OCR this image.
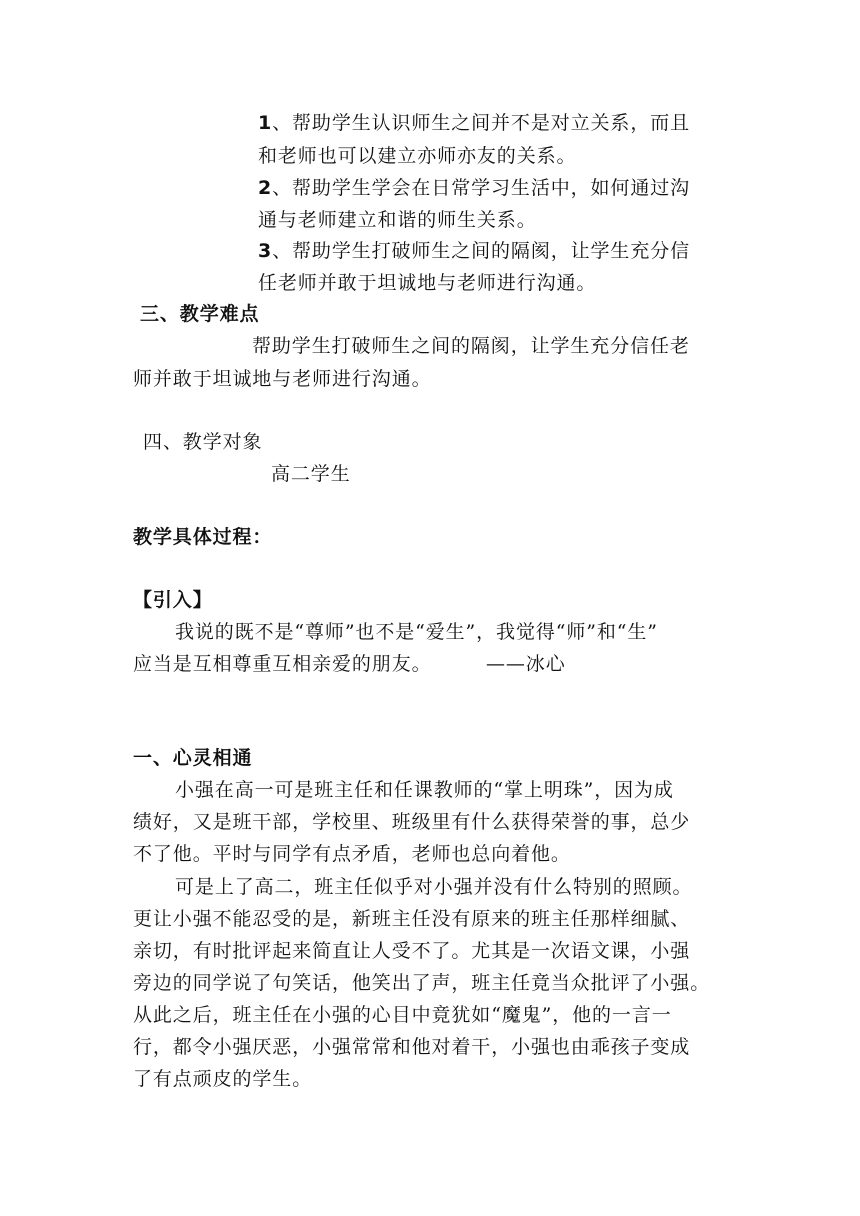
1、帮助学生认识师生之间并不是对立关系，而且
和老师也可以建立亦师亦友的关系。
2、帮助学生学会在日常学习生活中，如何通过沟
通与老师建立和谐的师生关系。
3、帮助学生打破师生之间的隔阂，让学生充分信
任老师并敢于坦诚地与老师进行沟通。
三、教学难点
帮助学生打破师生之间的隔阂，让学生充分信任老
师并敢于坦诚地与老师进行沟通。
四、教学对象
高二学生
教学具体过程：
【引入】
我说的既不是“尊师”也不是“爱生”，我觉得“师”和“生”
应当是互相尊重互相亲爱的朋友。	——冰心
一、心灵相通
小强在高一可是班主任和任课教师的“掌上明珠”，因为成
绩好，又是班干部，学校里、班级里有什么获得荣誉的事，总少
不了他。平时与同学有点矛盾，老师也总向着他。
可是上了高二，班主任似乎对小强并没有什么特别的照顾。
更让小强不能忍受的是，新班主任没有原来的班主任那样细腻、
亲切，有时批评起来简直让人受不了。尤其是一次语文课，小强
旁边的同学说了句笑话，他笑出了声，班主任竟当众批评了小强。
从此之后，班主任在小强的心目中竟犹如“魔鬼”，他的一言一
行，都令小强厌恶，小强常常和他对着干，小强也由乖孩子变成
了有点顽皮的学生。
